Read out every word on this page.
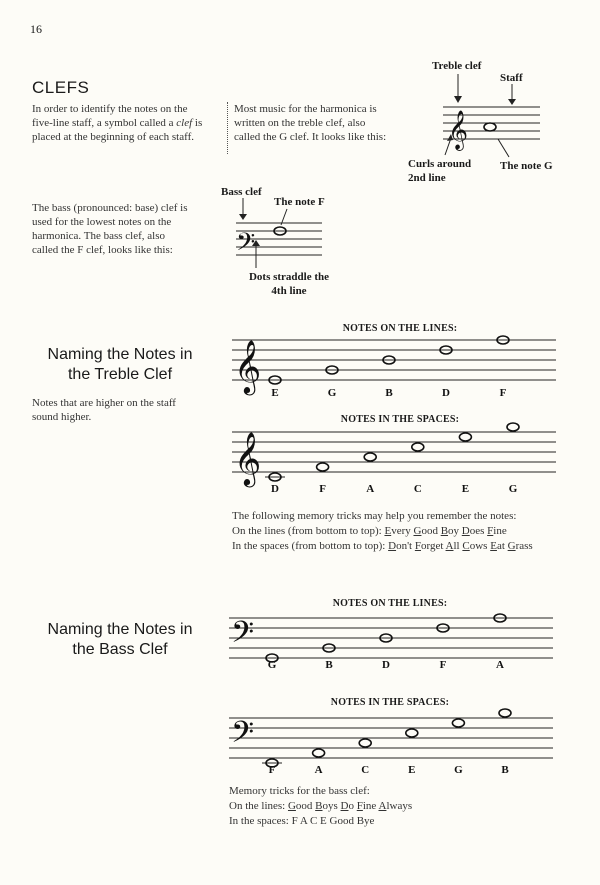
16
CLEFS
In order to identify the notes on the
five-line staff, a symbol called a clef is
placed at the beginning of each staff.
Most music for the harmonica is
written on the treble clef, also
called the G clef. It looks like this:
Treble clef
Staff
Curls around
2nd line
The note G
𝄞
The bass (pronounced: base) clef is
used for the lowest notes on the
harmonica. The bass clef, also
called the F clef, looks like this:
Bass clef
The note F
Dots straddle the
4th line
𝄢
Naming the Notes in
the Treble Clef
Notes that are higher on the staff
sound higher.
NOTES ON THE LINES:
NOTES IN THE SPACES:
𝄞 E	G	B	D	F
𝄞
D	F	A	C	E	G
The following memory tricks may help you remember the notes:
On the lines (from bottom to top): Every Good Boy Does Fine
In the spaces (from bottom to top): Don't Forget All Cows Eat Grass
Naming the Notes in
the Bass Clef
NOTES ON THE LINES:
NOTES IN THE SPACES:
𝄢
G	B	D	F	A
𝄢
F	A	C	E	G	B
Memory tricks for the bass clef:
On the lines: Good Boys Do Fine Always
In the spaces: F A C E Good Bye
